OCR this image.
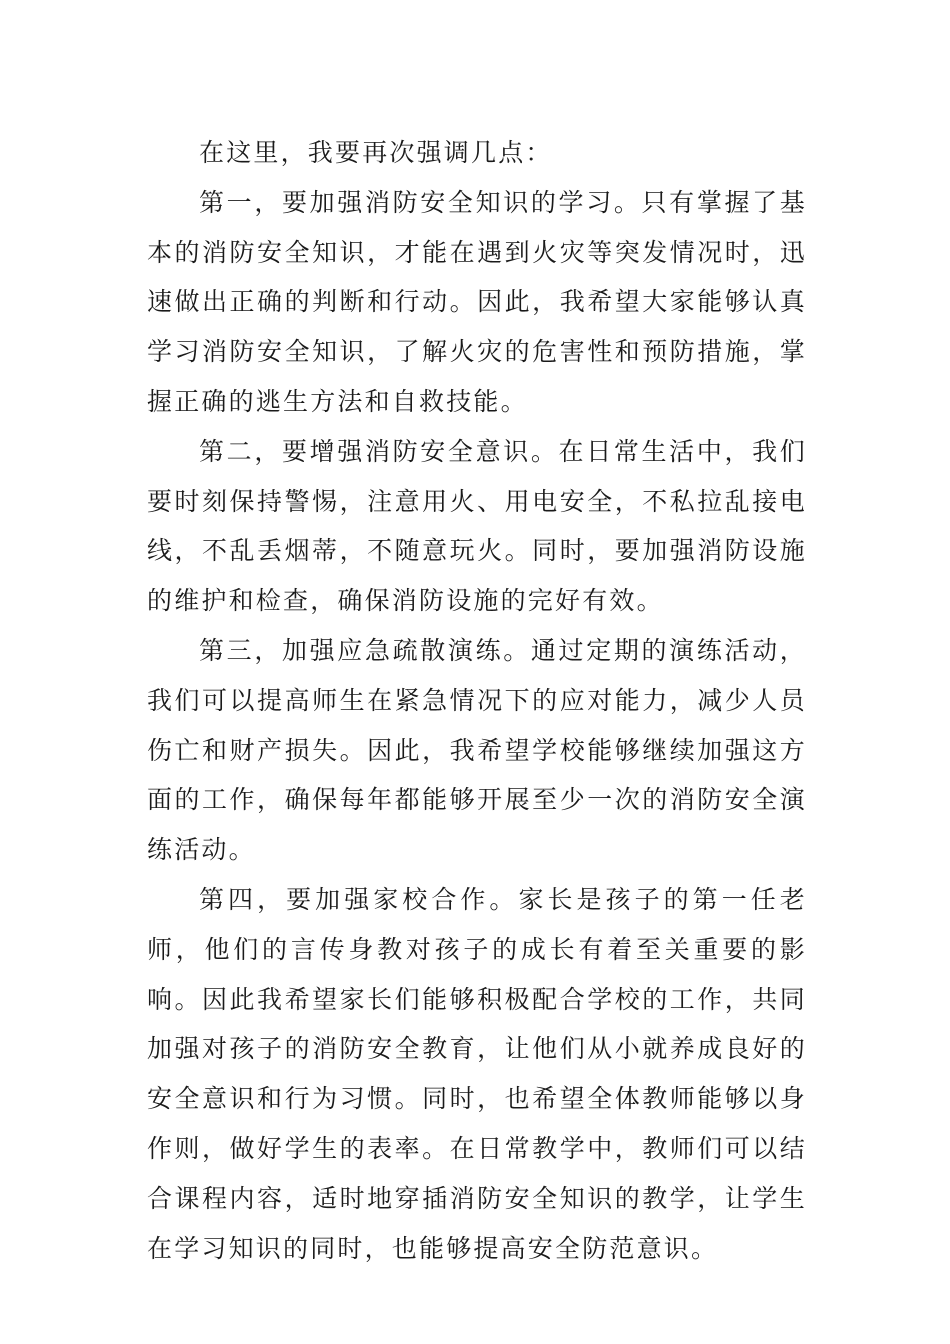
在这里，我要再次强调几点：

第一，要加强消防安全知识的学习。只有掌握了基本的消防安全知识，才能在遇到火灾等突发情况时，迅速做出正确的判断和行动。因此，我希望大家能够认真学习消防安全知识，了解火灾的危害性和预防措施，掌握正确的逃生方法和自救技能。

第二，要增强消防安全意识。在日常生活中，我们要时刻保持警惕，注意用火、用电安全，不私拉乱接电线，不乱丢烟蒂，不随意玩火。同时，要加强消防设施的维护和检查，确保消防设施的完好有效。

第三，加强应急疏散演练。通过定期的演练活动，我们可以提高师生在紧急情况下的应对能力，减少人员伤亡和财产损失。因此，我希望学校能够继续加强这方面的工作，确保每年都能够开展至少一次的消防安全演练活动。

第四，要加强家校合作。家长是孩子的第一任老师，他们的言传身教对孩子的成长有着至关重要的影响。因此我希望家长们能够积极配合学校的工作，共同加强对孩子的消防安全教育，让他们从小就养成良好的安全意识和行为习惯。同时，也希望全体教师能够以身作则，做好学生的表率。在日常教学中，教师们可以结合课程内容，适时地穿插消防安全知识的教学，让学生在学习知识的同时，也能够提高安全防范意识。
